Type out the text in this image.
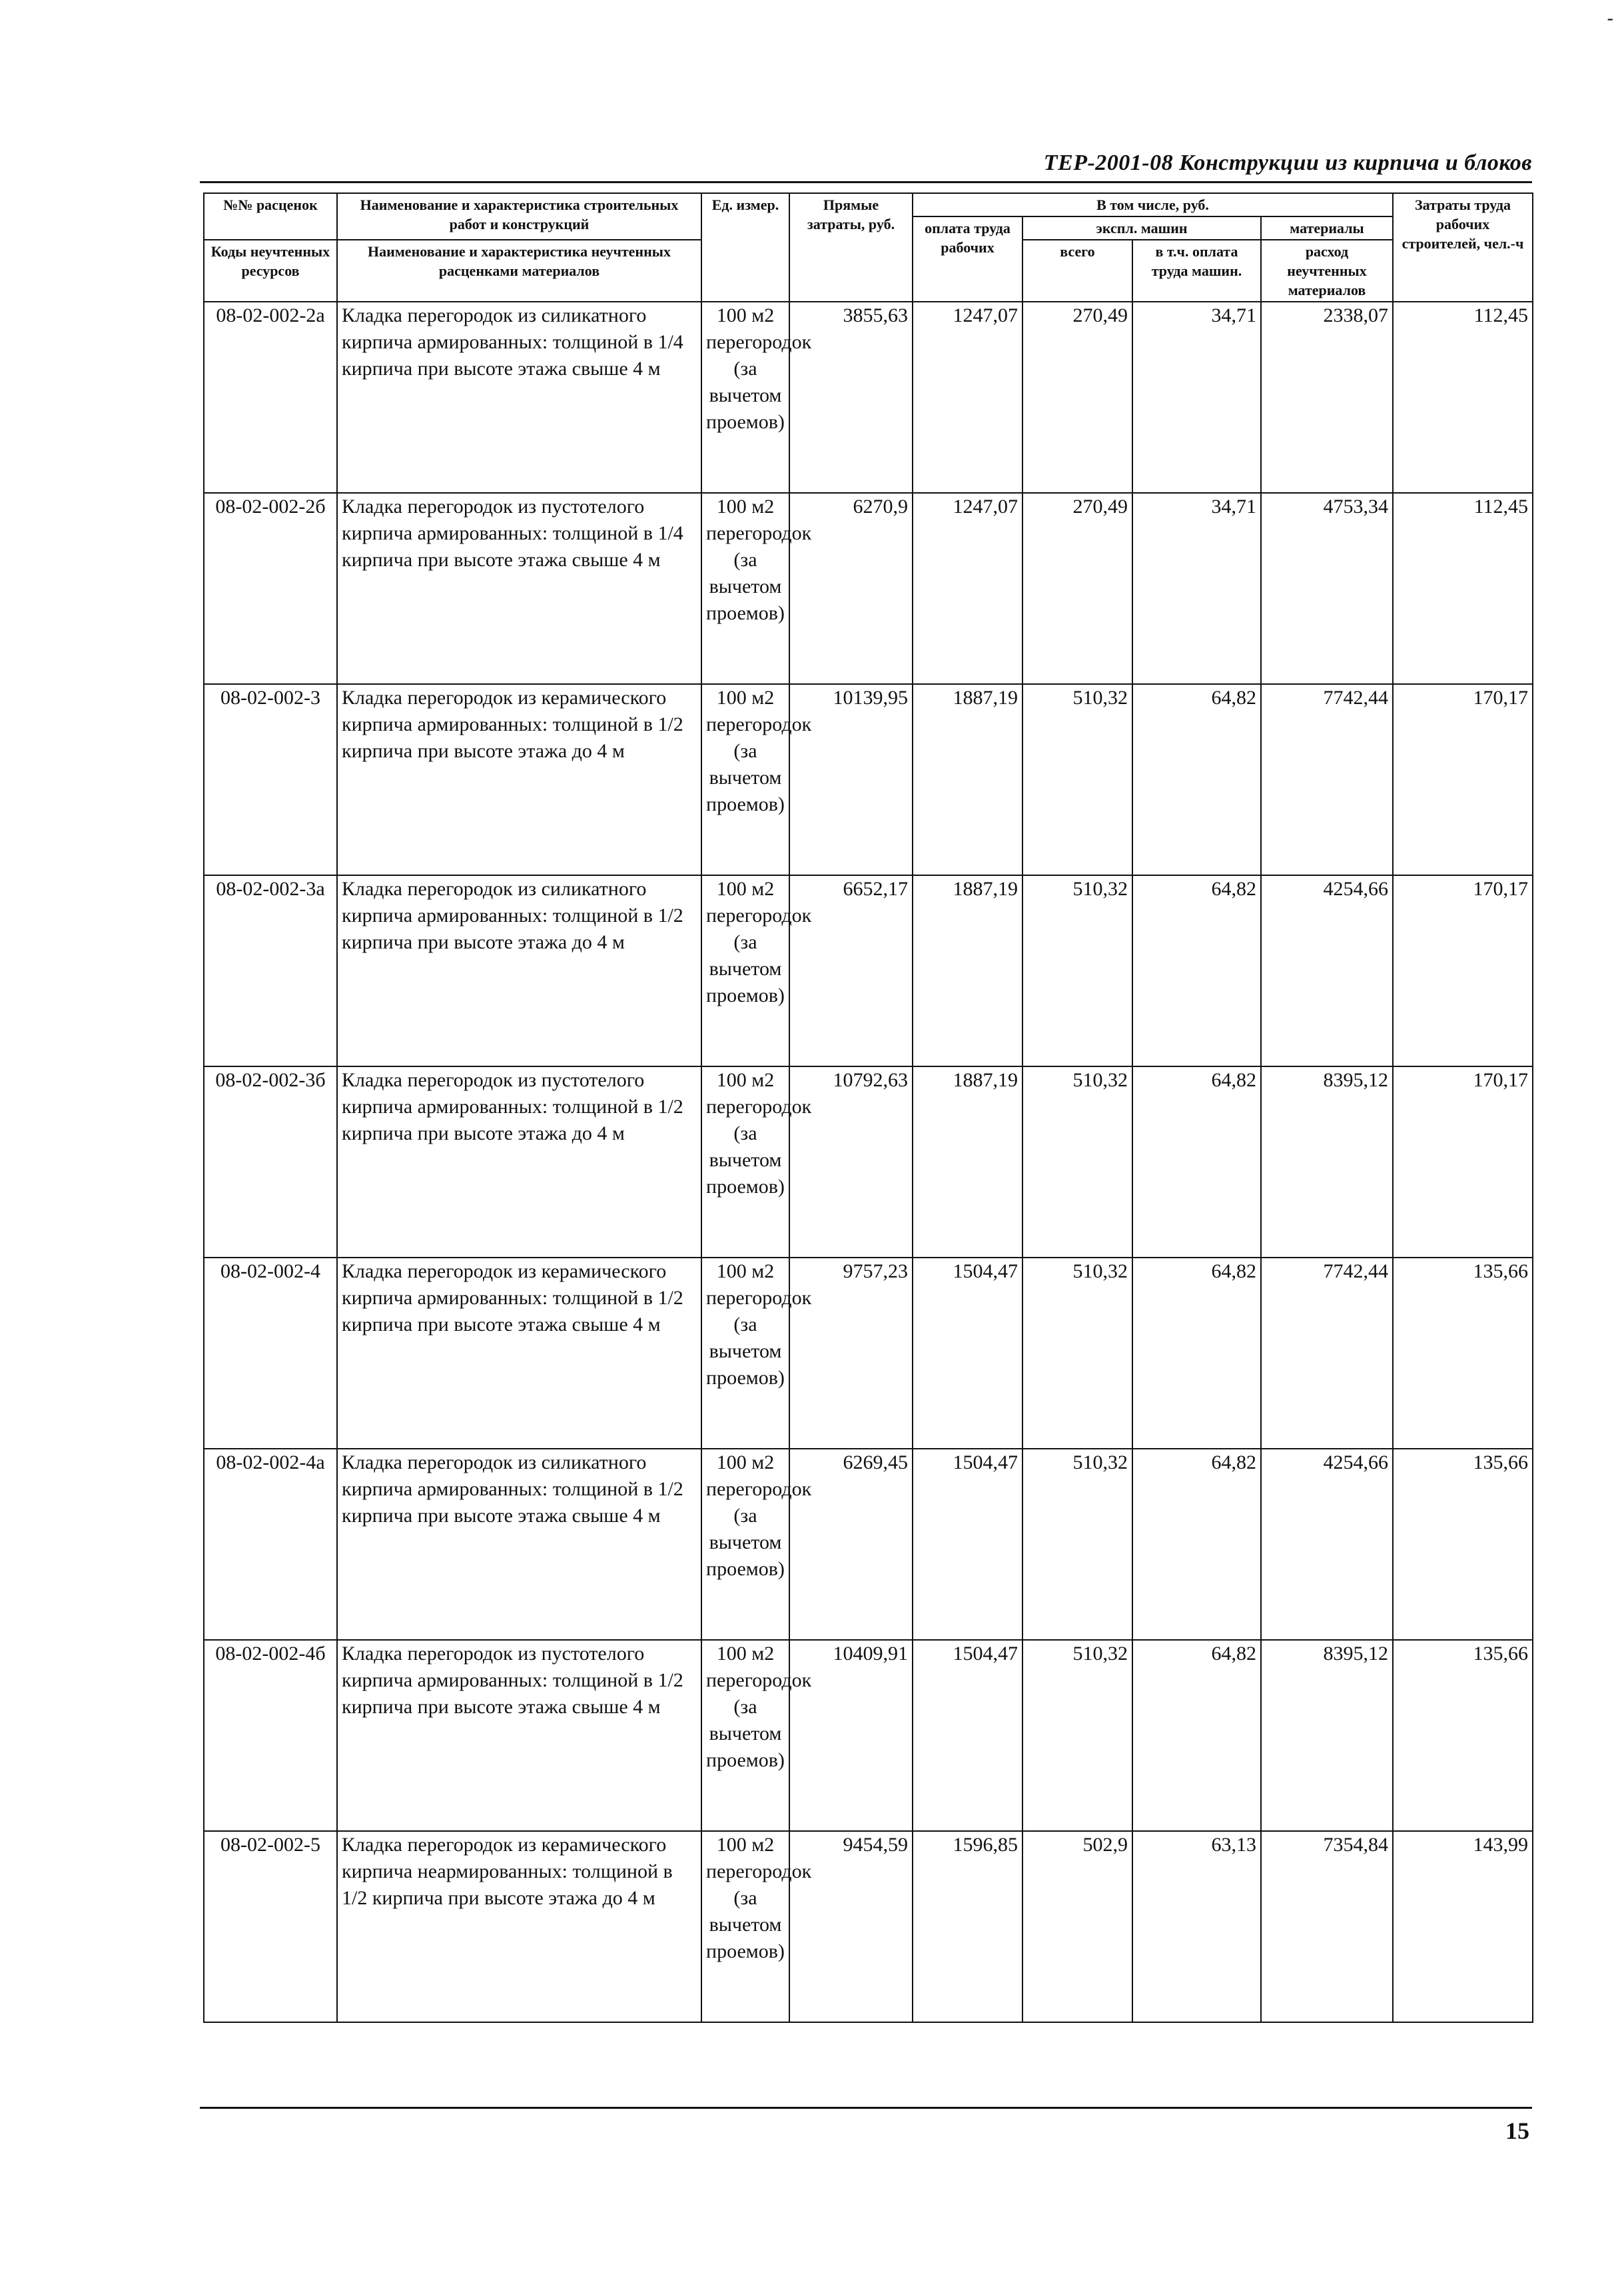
-
ТЕР-2001-08 Конструкции из кирпича и блоков
№№ расценок	Наименование и характеристика строительных работ и конструкций	Ед. измер.	Прямые затраты, руб.	В том числе, руб.				Затраты труда рабочих строителей, чел.-ч
				оплата труда рабочих	экспл. машин		материалы	
Коды неучтенных ресурсов	Наименование и характеристика неучтенных расценками материалов				всего	в т.ч. оплата труда машин.	расход неучтенных материалов	

08-02-002-2а	Кладка перегородок из силикатного кирпича армированных: толщиной в 1/4 кирпича при высоте этажа свыше 4 м	100 м2 перегородок (за вычетом проемов)	3855,63	1247,07	270,49	34,71	2338,07	112,45
08-02-002-2б	Кладка перегородок из пустотелого кирпича армированных: толщиной в 1/4 кирпича при высоте этажа свыше 4 м	100 м2 перегородок (за вычетом проемов)	6270,9	1247,07	270,49	34,71	4753,34	112,45
08-02-002-3	Кладка перегородок из керамического кирпича армированных: толщиной в 1/2 кирпича при высоте этажа до 4 м	100 м2 перегородок (за вычетом проемов)	10139,95	1887,19	510,32	64,82	7742,44	170,17
08-02-002-3а	Кладка перегородок из силикатного кирпича армированных: толщиной в 1/2 кирпича при высоте этажа до 4 м	100 м2 перегородок (за вычетом проемов)	6652,17	1887,19	510,32	64,82	4254,66	170,17
08-02-002-3б	Кладка перегородок из пустотелого кирпича армированных: толщиной в 1/2 кирпича при высоте этажа до 4 м	100 м2 перегородок (за вычетом проемов)	10792,63	1887,19	510,32	64,82	8395,12	170,17
08-02-002-4	Кладка перегородок из керамического кирпича армированных: толщиной в 1/2 кирпича при высоте этажа свыше 4 м	100 м2 перегородок (за вычетом проемов)	9757,23	1504,47	510,32	64,82	7742,44	135,66
08-02-002-4а	Кладка перегородок из силикатного кирпича армированных: толщиной в 1/2 кирпича при высоте этажа свыше 4 м	100 м2 перегородок (за вычетом проемов)	6269,45	1504,47	510,32	64,82	4254,66	135,66
08-02-002-4б	Кладка перегородок из пустотелого кирпича армированных: толщиной в 1/2 кирпича при высоте этажа свыше 4 м	100 м2 перегородок (за вычетом проемов)	10409,91	1504,47	510,32	64,82	8395,12	135,66
08-02-002-5	Кладка перегородок из керамического кирпича неармированных: толщиной в 1/2 кирпича при высоте этажа до 4 м	100 м2 перегородок (за вычетом проемов)	9454,59	1596,85	502,9	63,13	7354,84	143,99
15
